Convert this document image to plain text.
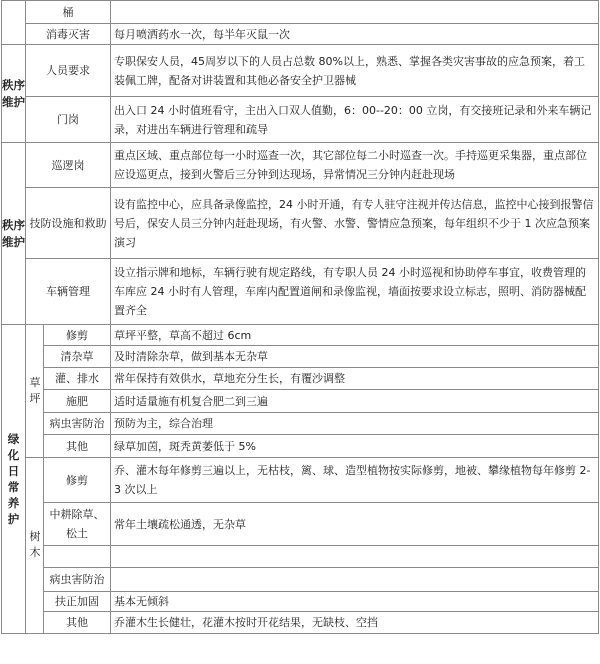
	桶		
	消毒灭害		每月喷洒药水一次，每半年灭鼠一次
秩序维护	人员要求		专职保安人员，45周岁以下的人员占总数 80%以上，熟悉、掌握各类灾害事故的应急预案，着工装佩工牌，配备对讲装置和其他必备安全护卫器械
	门岗		出入口 24 小时值班看守，主出入口双人值勤，6：00--20：00 立岗，有交接班记录和外来车辆记录，对进出车辆进行管理和疏导
秩序维护	巡逻岗		重点区域、重点部位每一小时巡查一次，其它部位每二小时巡查一次。手持巡更采集器，重点部位应设巡更点，接到火警后三分钟到达现场，异常情况三分钟内赶赴现场
	技防设施和救助		设有监控中心，应具备录像监控，24 小时开通，有专人驻守注视并传达信息，监控中心接到报警信号后，保安人员三分钟内赶赴现场，有火警、水警、警情应急预案，每年组织不少于 1 次应急预案演习
	车辆管理		设立指示牌和地标，车辆行驶有规定路线，有专职人员 24 小时巡视和协助停车事宜，收费管理的车库应 24 小时有人管理，车库内配置道闸和录像监视，墙面按要求设立标志，照明、消防器械配置齐全
绿化日常养护	草坪	修剪	草坪平整，草高不超过 6cm
		清杂草	及时清除杂草，做到基本无杂草
		灌、排水	常年保持有效供水，草地充分生长，有覆沙调整
		施肥	适时适量施有机复合肥二到三遍
		病虫害防治	预防为主，综合治理
		其他	绿草加茵，斑秃黄萎低于 5%
	树木	修剪	乔、灌木每年修剪三遍以上，无枯枝，篱、球、造型植物按实际修剪，地被、攀缘植物每年修剪 2-3 次以上
		中耕除草、松土	常年土壤疏松通透，无杂草

		病虫害防治	
		扶正加固	基本无倾斜
		其他	乔灌木生长健壮，花灌木按时开花结果，无缺枝、空挡
